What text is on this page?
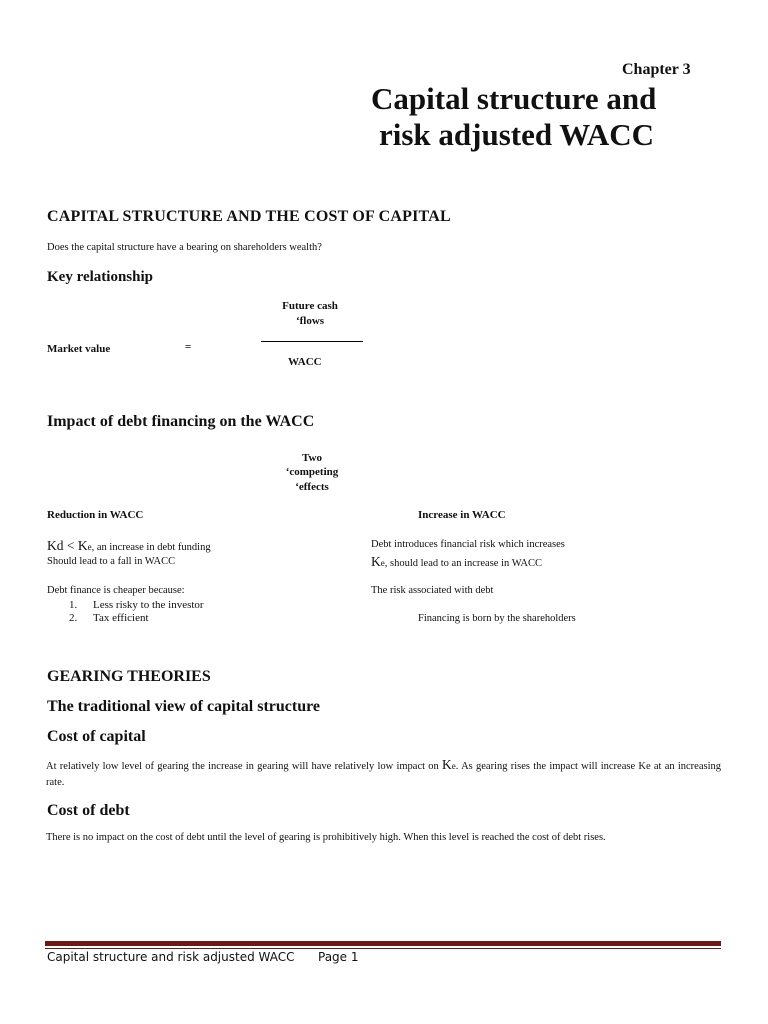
Chapter 3
Capital structure and
risk adjusted WACC
CAPITAL STRUCTURE AND THE COST OF CAPITAL
Does the capital structure have a bearing on shareholders wealth?
Key relationship
Future cash
‘flows
Market value	=
WACC
Impact of debt financing on the WACC
Two
‘competing
‘effects
Reduction in WACC	Increase in WACC
Kd < Ke, an increase in debt funding
Should lead to a fall in WACC
Debt introduces financial risk which increases
Ke, should lead to an increase in WACC
Debt finance is cheaper because:
1. Less risky to the investor
2. Tax efficient
The risk associated with debt
Financing is born by the shareholders
GEARING THEORIES
The traditional view of capital structure
Cost of capital
At relatively low level of gearing the increase in gearing will have relatively low impact on Ke. As gearing rises the impact will increase Ke at an increasing rate.
Cost of debt
There is no impact on the cost of debt until the level of gearing is prohibitively high. When this level is reached the cost of debt rises.
Capital structure and risk adjusted WACC Page 1
